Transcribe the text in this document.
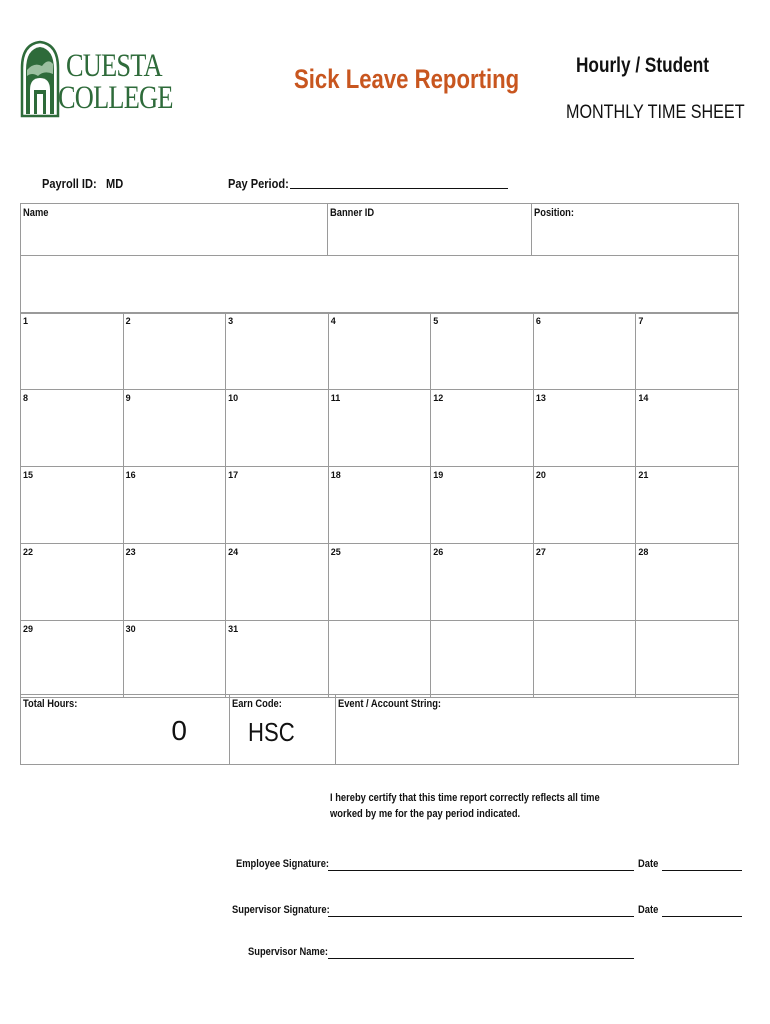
CUESTA
COLLEGE
Sick Leave Reporting	Hourly / Student
MONTHLY TIME SHEET
Payroll ID: MD	Pay Period:
Name	Banner ID	Position:

1	2	3	4	5	6	7
8	9	10	11	12	13	14
15	16	17	18	19	20	21
22	23	24	25	26	27	28
29	30	31				
Total Hours:
0
	Earn Code:
HSC
	Event / Account String:
I hereby certify that this time report correctly reflects all time
worked by me for the pay period indicated.
Employee Signature:	Date
Supervisor Signature:	Date
Supervisor Name:
